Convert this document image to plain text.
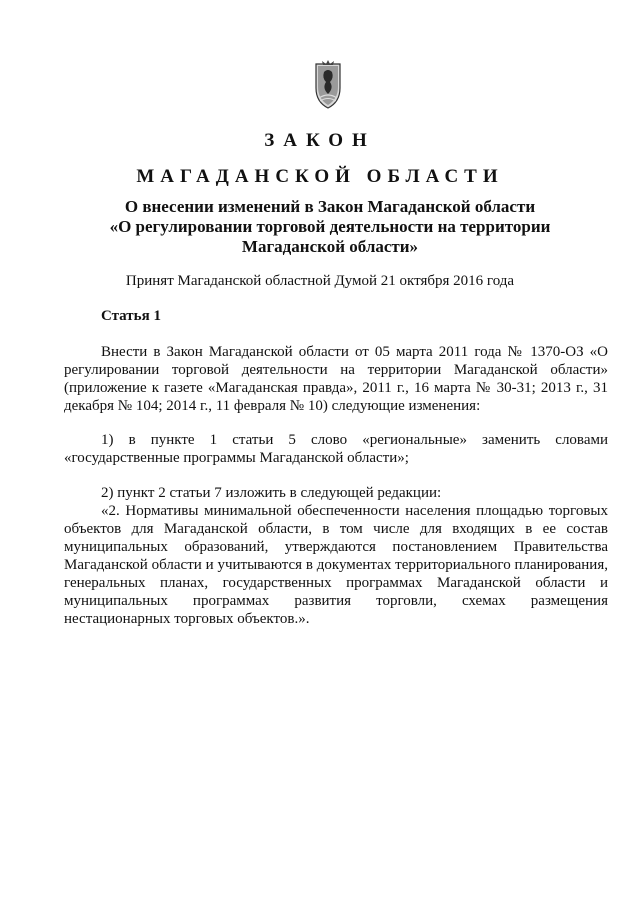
ЗАКОН
МАГАДАНСКОЙ ОБЛАСТИ
О внесении изменений в Закон Магаданской области
«О регулировании торговой деятельности на территории
Магаданской области»
Принят Магаданской областной Думой 21 октября 2016 года
Статья 1

Внести в Закон Магаданской области от 05 марта 2011 года № 1370-ОЗ «О регулировании торговой деятельности на территории Магаданской области» (приложение к газете «Магаданская правда», 2011 г., 16 марта № 30-31; 2013 г., 31 декабря № 104; 2014 г., 11 февраля № 10) следующие изменения:

1) в пункте 1 статьи 5 слово «региональные» заменить словами «государственные программы Магаданской области»;

2) пункт 2 статьи 7 изложить в следующей редакции:

«2. Нормативы минимальной обеспеченности населения площадью торговых объектов для Магаданской области, в том числе для входящих в ее состав муниципальных образований, утверждаются постановлением Правительства Магаданской области и учитываются в документах территориального планирования, генеральных планах, государственных программах Магаданской области и муниципальных программах развития торговли, схемах размещения нестационарных торговых объектов.».
